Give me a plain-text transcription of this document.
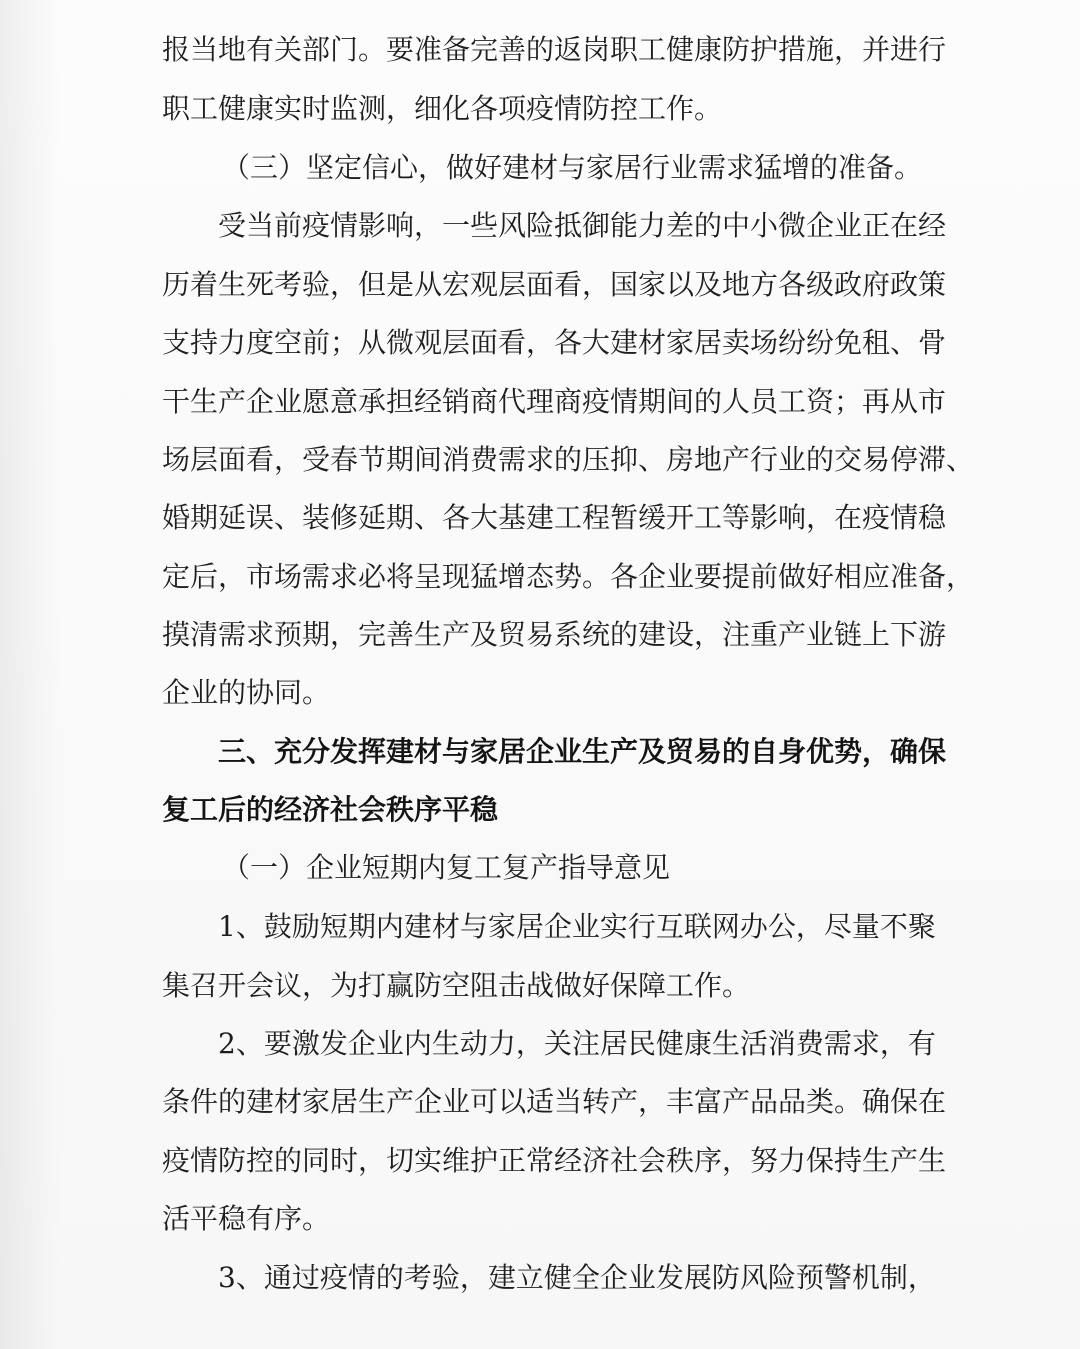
报当地有关部门。要准备完善的返岗职工健康防护措施，并进行
职工健康实时监测，细化各项疫情防控工作。
（三）坚定信心，做好建材与家居行业需求猛增的准备。
受当前疫情影响，一些风险抵御能力差的中小微企业正在经
历着生死考验，但是从宏观层面看，国家以及地方各级政府政策
支持力度空前；从微观层面看，各大建材家居卖场纷纷免租、骨
干生产企业愿意承担经销商代理商疫情期间的人员工资；再从市
场层面看，受春节期间消费需求的压抑、房地产行业的交易停滞、
婚期延误、装修延期、各大基建工程暂缓开工等影响，在疫情稳
定后，市场需求必将呈现猛增态势。各企业要提前做好相应准备，
摸清需求预期，完善生产及贸易系统的建设，注重产业链上下游
企业的协同。
三、充分发挥建材与家居企业生产及贸易的自身优势，确保
复工后的经济社会秩序平稳
（一）企业短期内复工复产指导意见
1、鼓励短期内建材与家居企业实行互联网办公，尽量不聚
集召开会议，为打赢防空阻击战做好保障工作。
2、要激发企业内生动力，关注居民健康生活消费需求，有
条件的建材家居生产企业可以适当转产，丰富产品品类。确保在
疫情防控的同时，切实维护正常经济社会秩序，努力保持生产生
活平稳有序。
3、通过疫情的考验，建立健全企业发展防风险预警机制，
